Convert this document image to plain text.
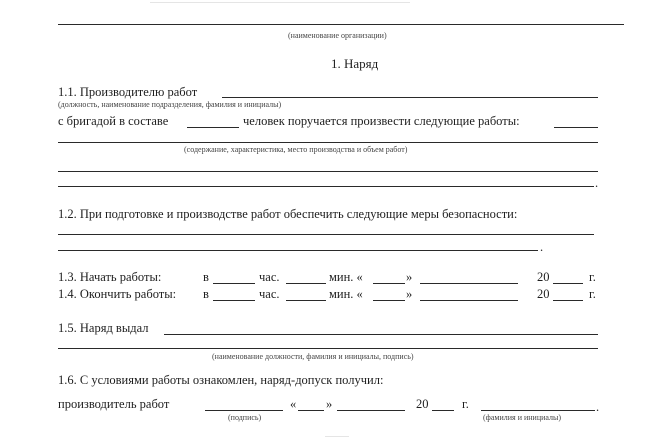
(наименование организации)
1. Наряд
1.1. Производителю работ
(должность, наименование подразделения, фамилия и инициалы)
с бригадой в составе	человек поручается произвести следующие работы:
(содержание, характеристика, место производства и объем работ)
.
1.2. При подготовке и производстве работ обеспечить следующие меры безопасности:
.
1.3. Начать работы:	в	час.	мин. «	»	20	г.
1.4. Окончить работы: в	час.	мин. «	»	20	г.
1.5. Наряд выдал
(наименование должности, фамилия и инициалы, подпись)
1.6. С условиями работы ознакомлен, наряд-допуск получил:
производитель работ
(подпись)
« »	20	г.	.
(фамилия и инициалы)
